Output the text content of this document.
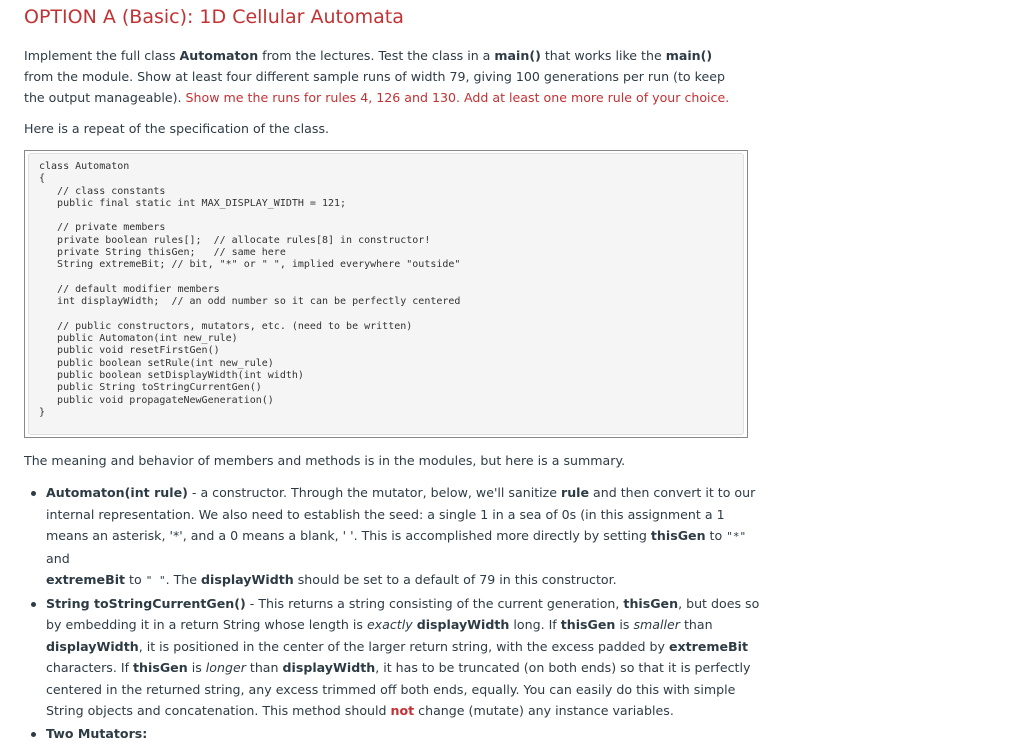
OPTION A (Basic): 1D Cellular Automata

Implement the full class Automaton from the lectures. Test the class in a main() that works like the main() from the module. Show at least four different sample runs of width 79, giving 100 generations per run (to keep the output manageable). Show me the runs for rules 4, 126 and 130. Add at least one more rule of your choice.

Here is a repeat of the specification of the class.

class Automaton
{
// class constants
public final static int MAX_DISPLAY_WIDTH = 121;

// private members
private boolean rules[];  // allocate rules[8] in constructor!
private String thisGen;   // same here
String extremeBit; // bit, "*" or " ", implied everywhere "outside"

// default modifier members
int displayWidth;  // an odd number so it can be perfectly centered

// public constructors, mutators, etc. (need to be written)
public Automaton(int new_rule)
public void resetFirstGen()
public boolean setRule(int new_rule)
public boolean setDisplayWidth(int width)
public String toStringCurrentGen()
public void propagateNewGeneration()
}

The meaning and behavior of members and methods is in the modules, but here is a summary.

Automaton(int rule) - a constructor. Through the mutator, below, we'll sanitize rule and then convert it to our internal representation. We also need to establish the seed: a single 1 in a sea of 0s (in this assignment a 1 means an asterisk, '*', and a 0 means a blank, ' '. This is accomplished more directly by setting thisGen to "*" and
extremeBit to " ". The displayWidth should be set to a default of 79 in this constructor.
String toStringCurrentGen() - This returns a string consisting of the current generation, thisGen, but does so by embedding it in a return String whose length is exactly displayWidth long. If thisGen is smaller than displayWidth, it is positioned in the center of the larger return string, with the excess padded by extremeBit characters. If thisGen is longer than displayWidth, it has to be truncated (on both ends) so that it is perfectly centered in the returned string, any excess trimmed off both ends, equally. You can easily do this with simple String objects and concatenation. This method should not change (mutate) any instance variables.
Two Mutators:
